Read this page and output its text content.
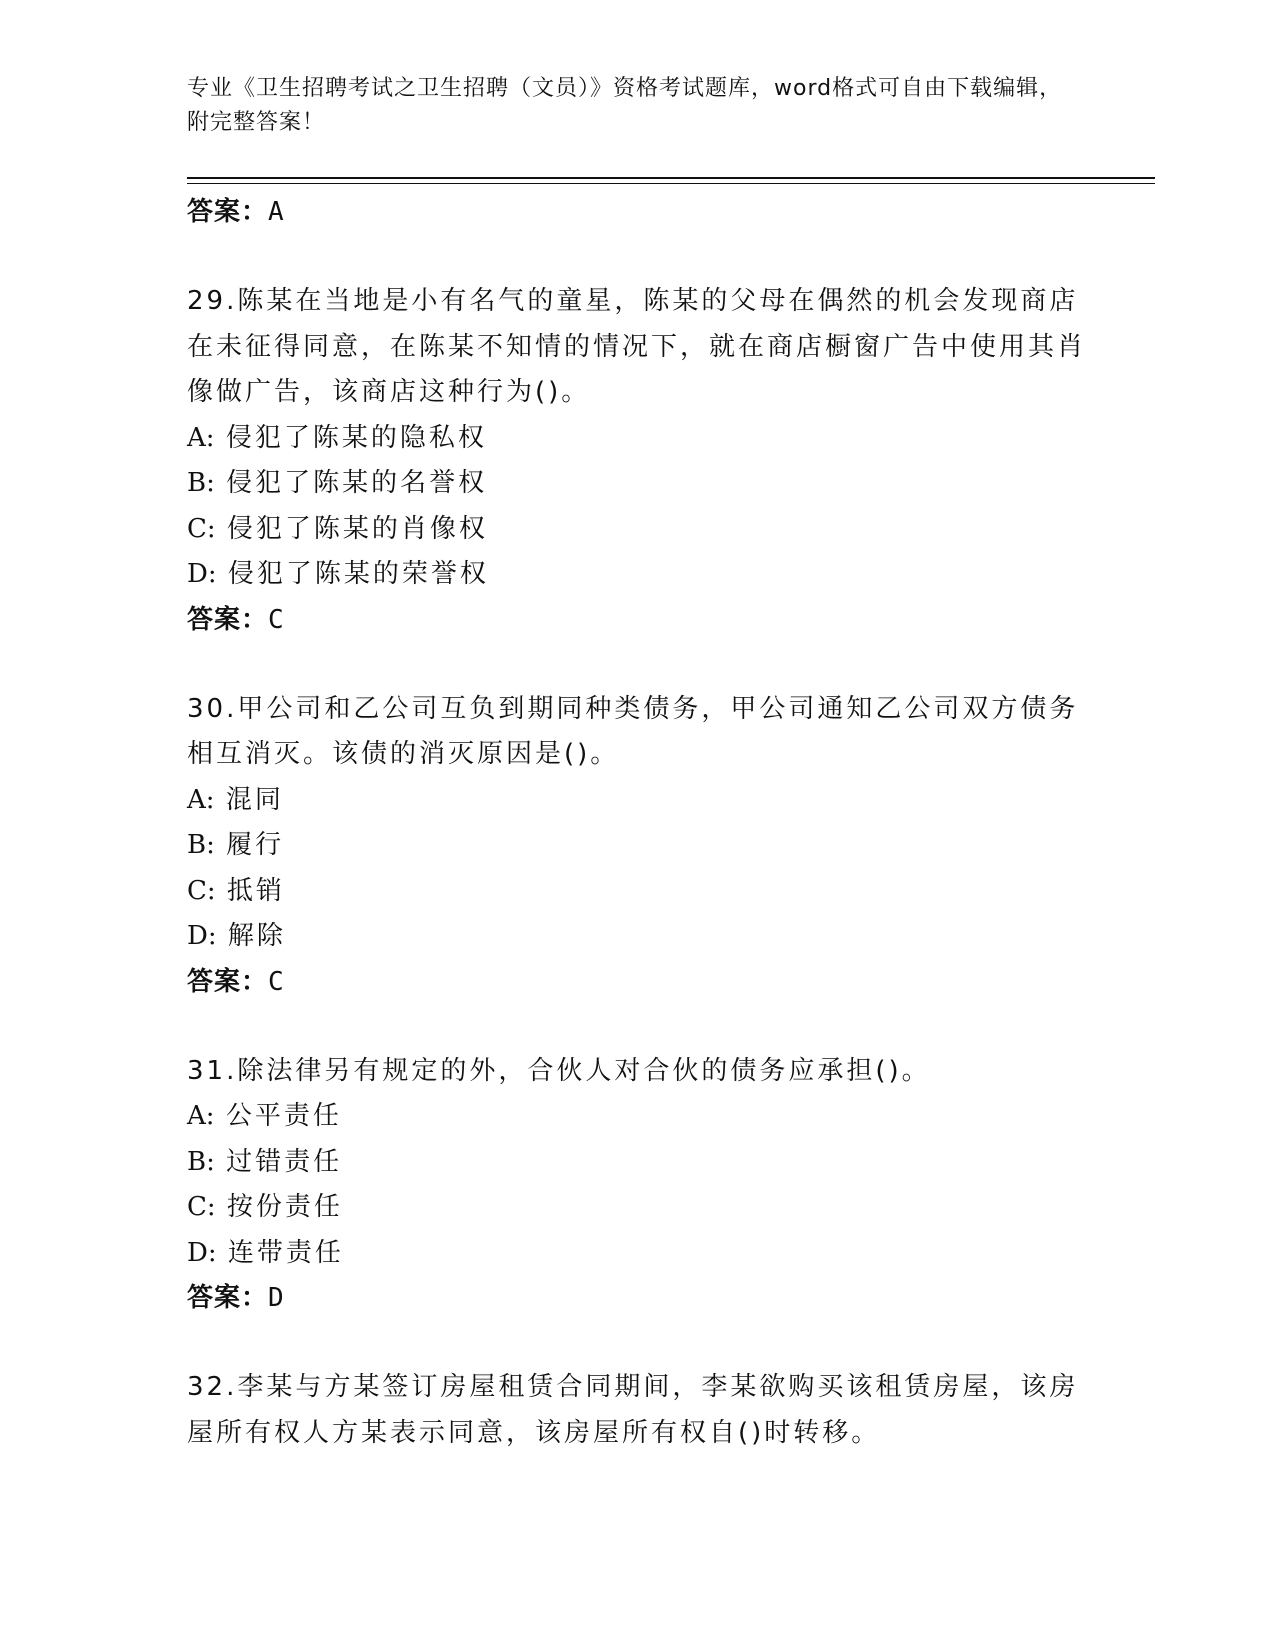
专业《卫生招聘考试之卫生招聘（文员）》资格考试题库，word格式可自由下载编辑，附完整答案！
答案：A
29.陈某在当地是小有名气的童星，陈某的父母在偶然的机会发现商店在未征得同意，在陈某不知情的情况下，就在商店橱窗广告中使用其肖像做广告，该商店这种行为()。
A: 侵犯了陈某的隐私权
B: 侵犯了陈某的名誉权
C: 侵犯了陈某的肖像权
D: 侵犯了陈某的荣誉权
答案：C
30.甲公司和乙公司互负到期同种类债务，甲公司通知乙公司双方债务相互消灭。该债的消灭原因是()。
A: 混同
B: 履行
C: 抵销
D: 解除
答案：C
31.除法律另有规定的外，合伙人对合伙的债务应承担()。
A: 公平责任
B: 过错责任
C: 按份责任
D: 连带责任
答案：D
32.李某与方某签订房屋租赁合同期间，李某欲购买该租赁房屋，该房屋所有权人方某表示同意，该房屋所有权自()时转移。
